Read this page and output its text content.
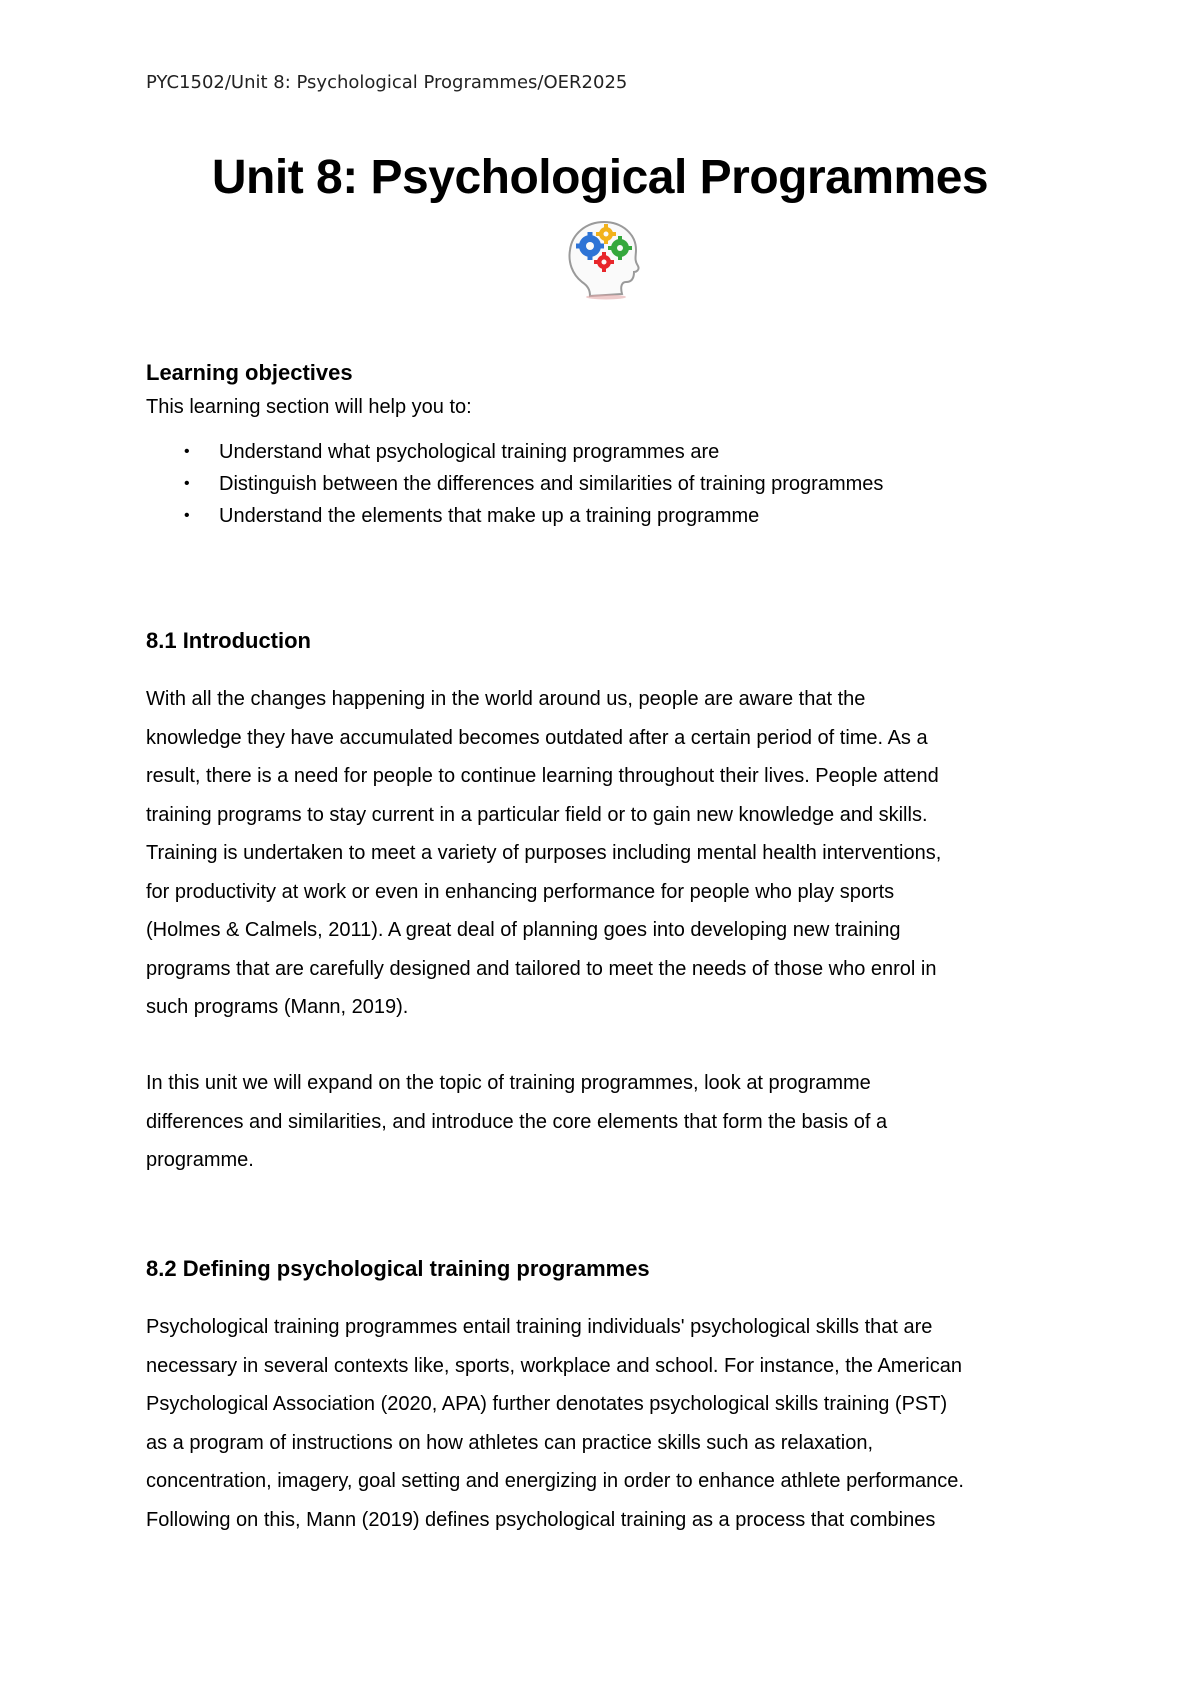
PYC1502/Unit 8: Psychological Programmes/OER2025
Unit 8: Psychological Programmes
Learning objectives
This learning section will help you to:
• Understand what psychological training programmes are
• Distinguish between the differences and similarities of training programmes
• Understand the elements that make up a training programme
8.1 Introduction

With all the changes happening in the world around us, people are aware that the

knowledge they have accumulated becomes outdated after a certain period of time. As a

result, there is a need for people to continue learning throughout their lives. People attend

training programs to stay current in a particular field or to gain new knowledge and skills.

Training is undertaken to meet a variety of purposes including mental health interventions,

for productivity at work or even in enhancing performance for people who play sports

(Holmes & Calmels, 2011). A great deal of planning goes into developing new training

programs that are carefully designed and tailored to meet the needs of those who enrol in

such programs (Mann, 2019).

In this unit we will expand on the topic of training programmes, look at programme

differences and similarities, and introduce the core elements that form the basis of a

programme.

8.2 Defining psychological training programmes

Psychological training programmes entail training individuals' psychological skills that are

necessary in several contexts like, sports, workplace and school. For instance, the American

Psychological Association (2020, APA) further denotates psychological skills training (PST)

as a program of instructions on how athletes can practice skills such as relaxation,

concentration, imagery, goal setting and energizing in order to enhance athlete performance.

Following on this, Mann (2019) defines psychological training as a process that combines
